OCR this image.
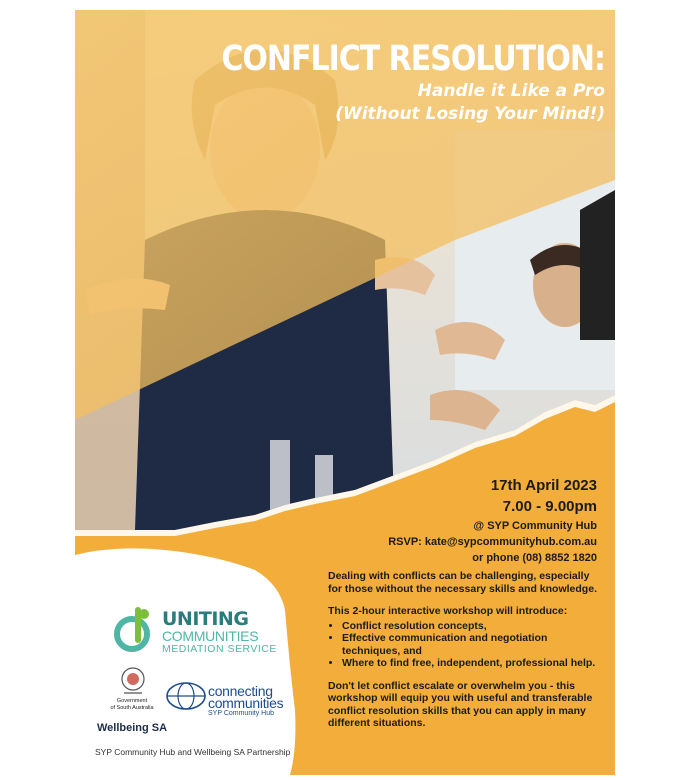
CONFLICT RESOLUTION:
Handle it Like a Pro
(Without Losing Your Mind!)
17th April 2023
7.00 - 9.00pm
@ SYP Community Hub
RSVP: kate@sypcommunityhub.com.au
or phone (08) 8852 1820

Dealing with conflicts can be challenging, especially for those without the necessary skills and knowledge.

This 2-hour interactive workshop will introduce:

• Conflict resolution concepts,
• Effective communication and negotiation techniques, and
• Where to find free, independent, professional help.

Don't let conflict escalate or overwhelm you - this workshop will equip you with useful and transferable conflict resolution skills that you can apply in many different situations.

UNITING
COMMUNITIES
MEDIATION SERVICE
Government
of South Australia
Wellbeing SA
connecting
communities
SYP Community Hub
SYP Community Hub and Wellbeing SA Partnership
